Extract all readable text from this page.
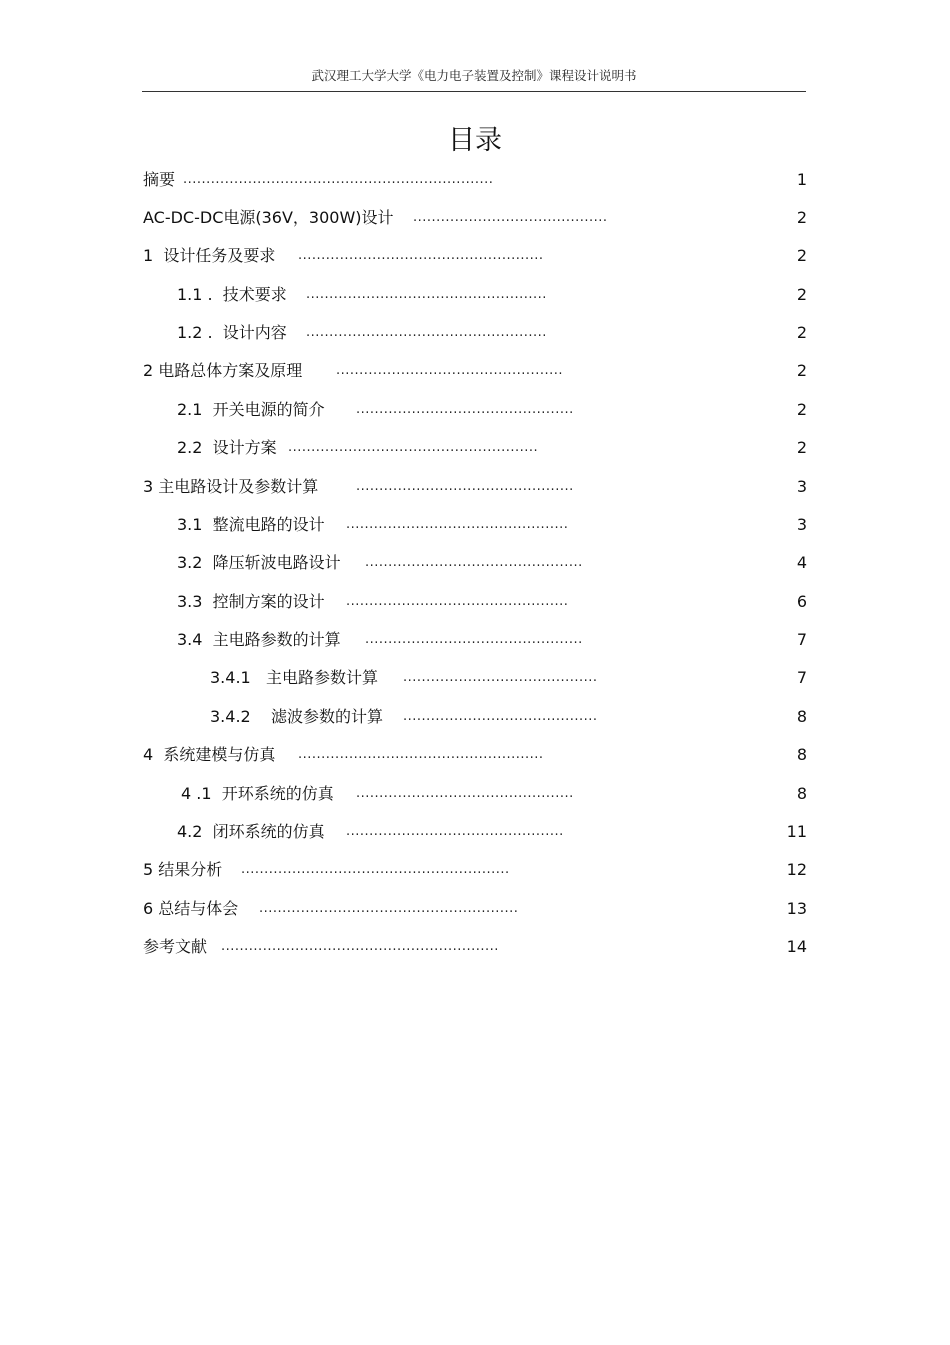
武汉理工大学大学《电力电子装置及控制》课程设计说明书
目录
摘要 ...................................................................	1
AC-DC-DC电源(36V，300W)设计 ..........................................	2
1  设计任务及要求 .....................................................	2
1.1 .  技术要求 ....................................................	2
1.2 .  设计内容 ....................................................	2
2 电路总体方案及原理	.................................................	2
2.1  开关电源的简介 ...............................................	2
2.2  设计方案 ......................................................	2
3 主电路设计及参数计算	...............................................	3
3.1  整流电路的设计 ................................................	3
3.2  降压斩波电路设计 ...............................................	4
3.3  控制方案的设计 ................................................	6
3.4  主电路参数的计算 ...............................................	7
3.4.1   主电路参数计算 ..........................................	7
3.4.2    滤波参数的计算 ..........................................	8
4  系统建模与仿真 .....................................................	8
4 .1  开环系统的仿真 ...............................................	8
4.2  闭环系统的仿真 ...............................................	11
5 结果分析 ..........................................................	12
6 总结与体会 ........................................................	13
参考文献 ............................................................	14
